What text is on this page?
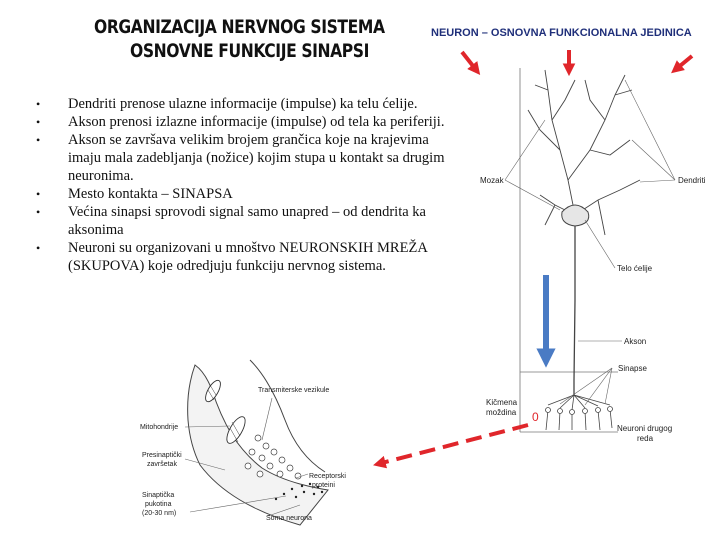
ORGANIZACIJA NERVNOG SISTEMA
OSNOVNE FUNKCIJE SINAPSI
NEURON – OSNOVNA FUNKCIONALNA JEDINICA
• Dendriti prenose ulazne informacije (impulse) ka telu ćelije.
• Akson prenosi izlazne informacije (impulse) od tela ka periferiji.
• Akson se završava velikim brojem grančica koje na krajevima imaju mala zadebljanja (nožice) kojim stupa u kontakt sa drugim neuronima.
• Mesto kontakta – SINAPSA
• Većina sinapsi sprovodi signal samo unapred – od dendrita ka aksonima
• Neuroni su organizovani u mnoštvo NEURONSKIH MREŽA (SKUPOVA) koje odredjuju funkciju nervnog sistema.
Mozak	Dendriti
Telo ćelije
Akson
Sinapse
Kičmena
moždina
Neuroni drugog
reda
0
Transmiterske vezikule
Mitohondrije
Presinaptički
završetak
Receptorski
proteini
Sinaptička
pukotina
(20-30 nm)
Soma neurona
